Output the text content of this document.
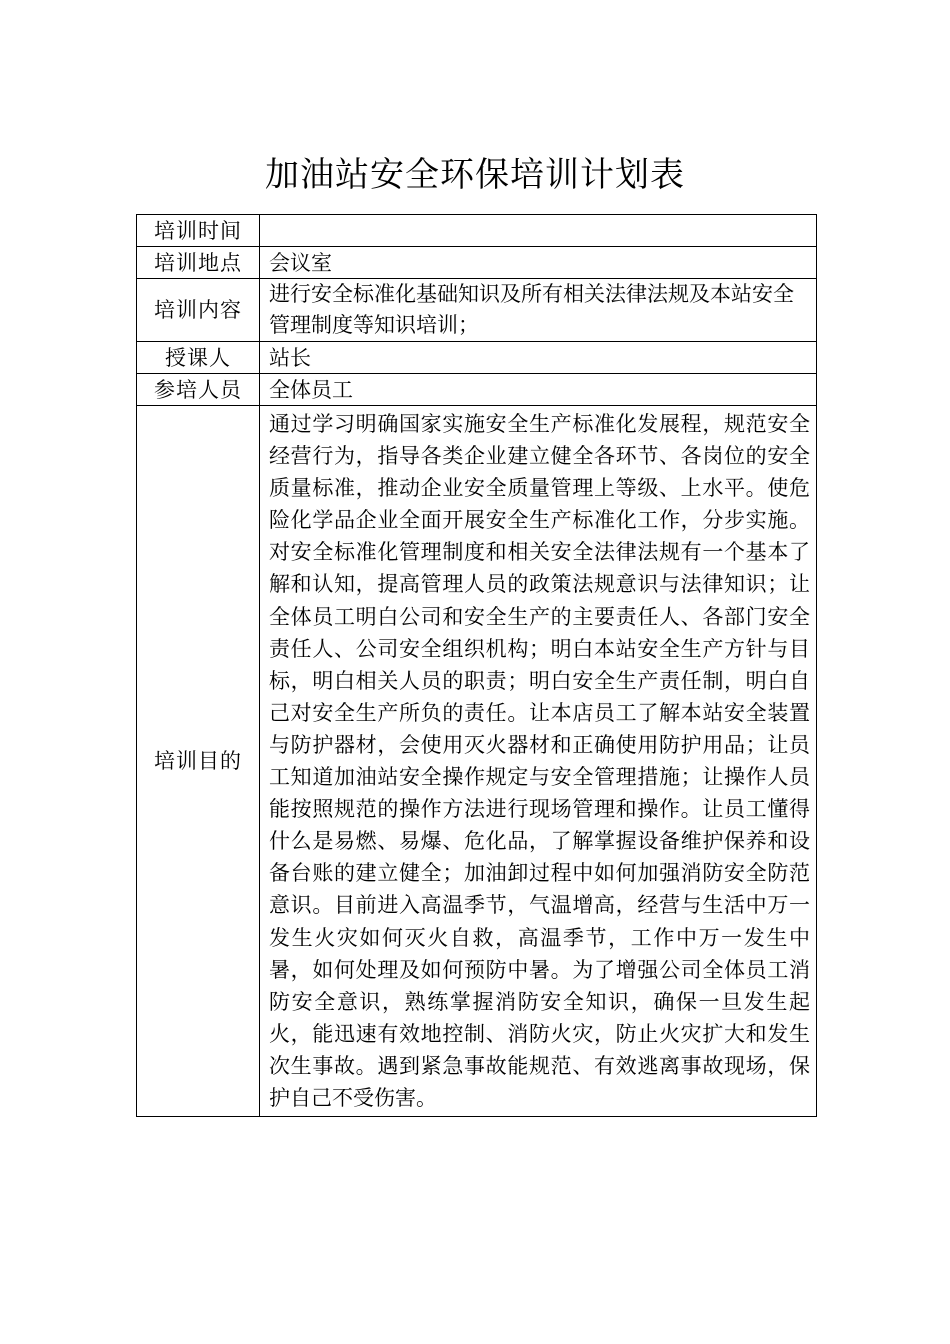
加油站安全环保培训计划表
培训时间	
培训地点	会议室
培训内容	进行安全标准化基础知识及所有相关法律法规及本站安全管理制度等知识培训；
授课人	站长
参培人员	全体员工
培训目的	通过学习明确国家实施安全生产标准化发展程，规范安全经营行为，指导各类企业建立健全各环节、各岗位的安全质量标准，推动企业安全质量管理上等级、上水平。使危险化学品企业全面开展安全生产标准化工作，分步实施。对安全标准化管理制度和相关安全法律法规有一个基本了解和认知，提高管理人员的政策法规意识与法律知识；让全体员工明白公司和安全生产的主要责任人、各部门安全责任人、公司安全组织机构；明白本站安全生产方针与目标，明白相关人员的职责；明白安全生产责任制，明白自己对安全生产所负的责任。让本店员工了解本站安全装置与防护器材，会使用灭火器材和正确使用防护用品；让员工知道加油站安全操作规定与安全管理措施；让操作人员能按照规范的操作方法进行现场管理和操作。让员工懂得什么是易燃、易爆、危化品，了解掌握设备维护保养和设备台账的建立健全；加油卸过程中如何加强消防安全防范意识。目前进入高温季节，气温增高，经营与生活中万一发生火灾如何灭火自救，高温季节，工作中万一发生中暑，如何处理及如何预防中暑。为了增强公司全体员工消防安全意识，熟练掌握消防安全知识，确保一旦发生起火，能迅速有效地控制、消防火灾，防止火灾扩大和发生次生事故。遇到紧急事故能规范、有效逃离事故现场，保护自己不受伤害。
